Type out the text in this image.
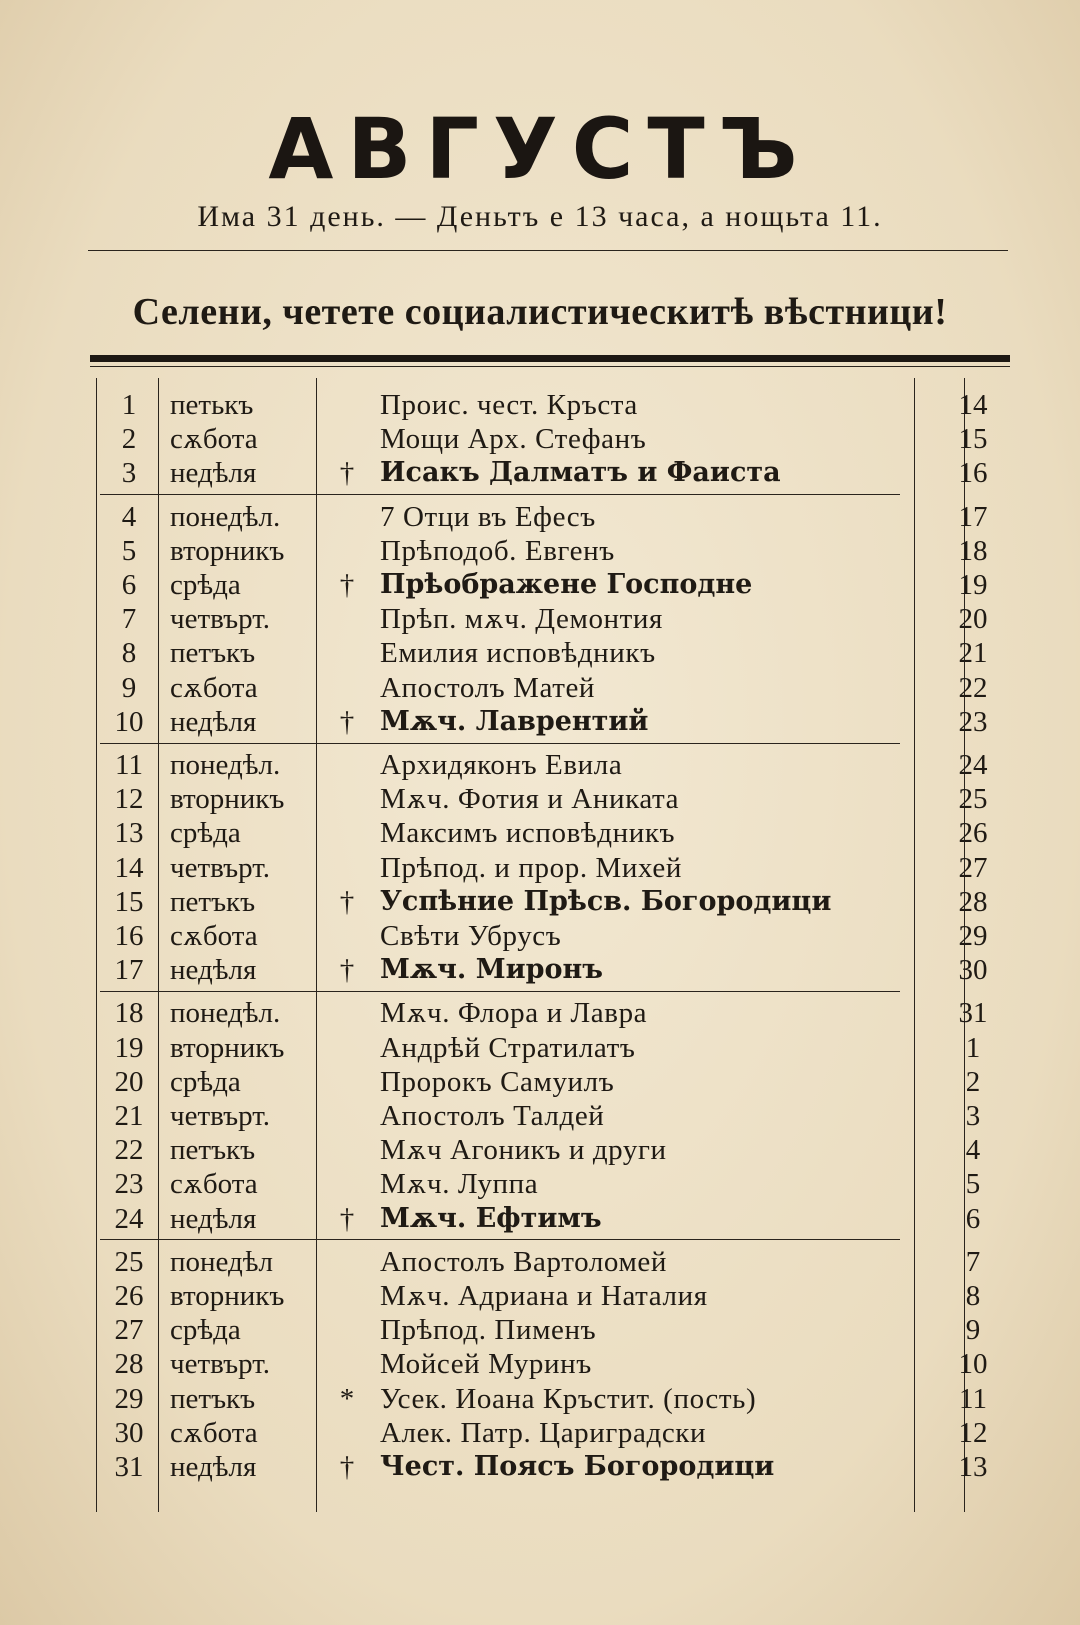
АВГУСТЪ
Има 31 день. — Деньтъ е 13 часа, а нощьта 11.
Селени, четете социалистическитѣ вѣстници!
1	петькъ	Проис. чест. Кръста	14
2	сѫбота	Мощи Арх. Стефанъ	15
3	недѣля	† Исакъ Далматъ и Фаиста	16
4	понедѣл.	7 Отци въ Ефесъ	17
5	вторникъ	Прѣподоб. Евгенъ	18
6	срѣда	† Прѣображене Господне	19
7	четвърт.	Прѣп. мѫч. Демонтия	20
8	петъкъ	Емилия исповѣдникъ	21
9	сѫбота	Апостолъ Матей	22
10 недѣля	† Мѫч. Лаврентий	23
11 понедѣл.	Архидяконъ Евила	24
12 вторникъ	Мѫч. Фотия и Аниката	25
13 срѣда	Максимъ исповѣдникъ	26
14 четвърт.	Прѣпод. и прор. Михей	27
15 петъкъ	† Успѣние Прѣсв. Богородици	28
16 сѫбота	Свѣти Убрусъ	29
17 недѣля	† Мѫч. Миронъ	30
18 понедѣл.	Мѫч. Флора и Лавра	31
19 вторникъ	Андрѣй Стратилатъ	1
20 срѣда	Пророкъ Самуилъ	2
21 четвърт.	Апостолъ Талдей	3
22 петъкъ	Мѫч Агоникъ и други	4
23 сѫбота	Мѫч. Луппа	5
24 недѣля	† Мѫч. Ефтимъ	6
25 понедѣл	Апостолъ Вартоломей	7
26 вторникъ	Мѫч. Адриана и Наталия	8
27 срѣда	Прѣпод. Пименъ	9
28 четвърт.	Мойсей Муринъ	10
29 петъкъ	* Усек. Иоана Кръстит. (пость)	11
30 сѫбота	Алек. Патр. Цариградски	12
31 недѣля	† Чест. Поясъ Богородици	13
